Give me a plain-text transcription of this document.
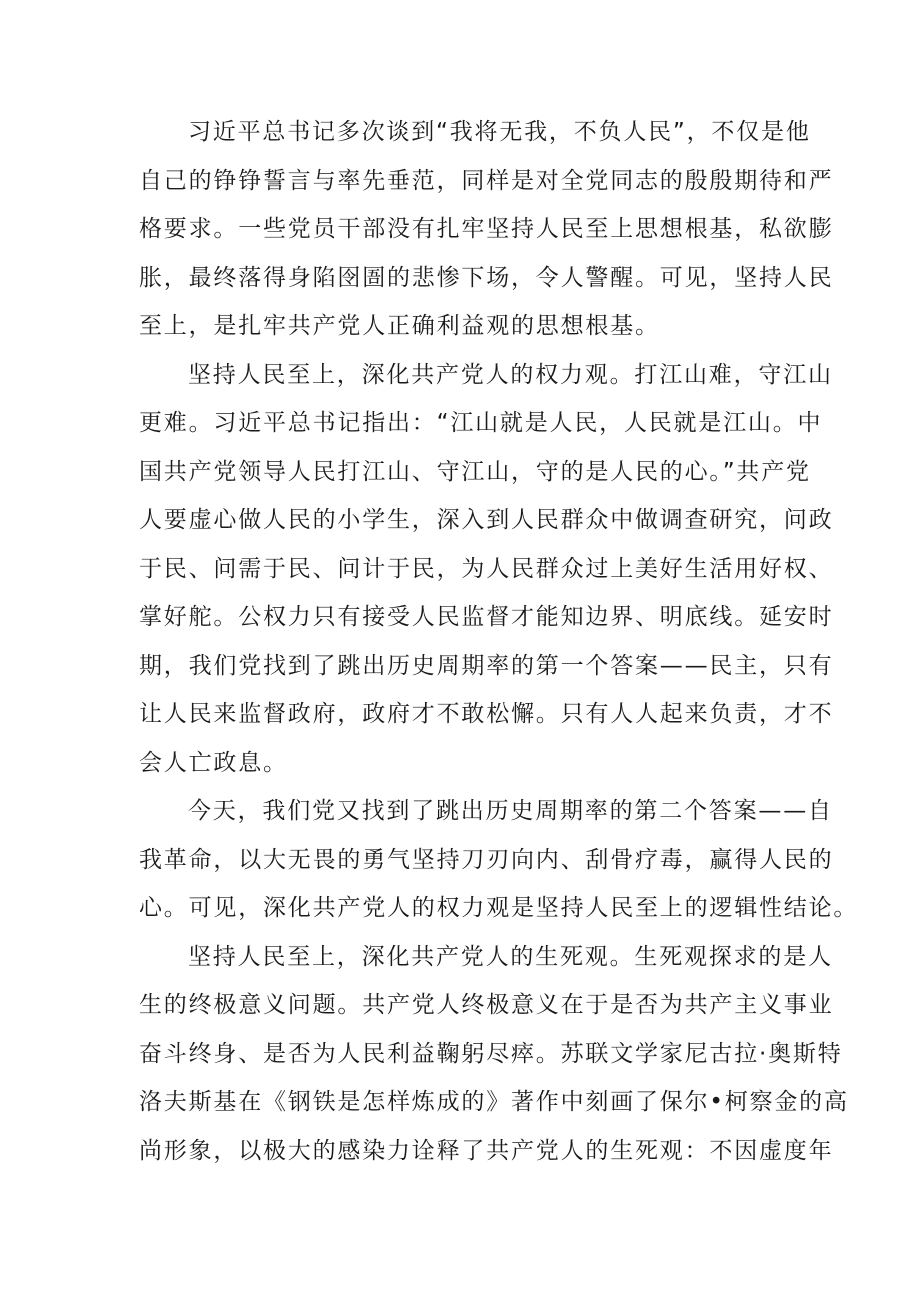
习近平总书记多次谈到“我将无我，不负人民”，不仅是他
自己的铮铮誓言与率先垂范，同样是对全党同志的殷殷期待和严
格要求。一些党员干部没有扎牢坚持人民至上思想根基，私欲膨
胀，最终落得身陷囹圄的悲惨下场，令人警醒。可见，坚持人民
至上，是扎牢共产党人正确利益观的思想根基。

坚持人民至上，深化共产党人的权力观。打江山难，守江山
更难。习近平总书记指出：“江山就是人民，人民就是江山。中
国共产党领导人民打江山、守江山，守的是人民的心。”共产党
人要虚心做人民的小学生，深入到人民群众中做调查研究，问政
于民、问需于民、问计于民，为人民群众过上美好生活用好权、
掌好舵。公权力只有接受人民监督才能知边界、明底线。延安时
期，我们党找到了跳出历史周期率的第一个答案——民主，只有
让人民来监督政府，政府才不敢松懈。只有人人起来负责，才不
会人亡政息。

今天，我们党又找到了跳出历史周期率的第二个答案——自
我革命，以大无畏的勇气坚持刀刃向内、刮骨疗毒，赢得人民的
心。可见，深化共产党人的权力观是坚持人民至上的逻辑性结论。

坚持人民至上，深化共产党人的生死观。生死观探求的是人
生的终极意义问题。共产党人终极意义在于是否为共产主义事业
奋斗终身、是否为人民利益鞠躬尽瘁。苏联文学家尼古拉·奥斯特
洛夫斯基在《钢铁是怎样炼成的》著作中刻画了保尔•柯察金的高
尚形象，以极大的感染力诠释了共产党人的生死观：不因虚度年
